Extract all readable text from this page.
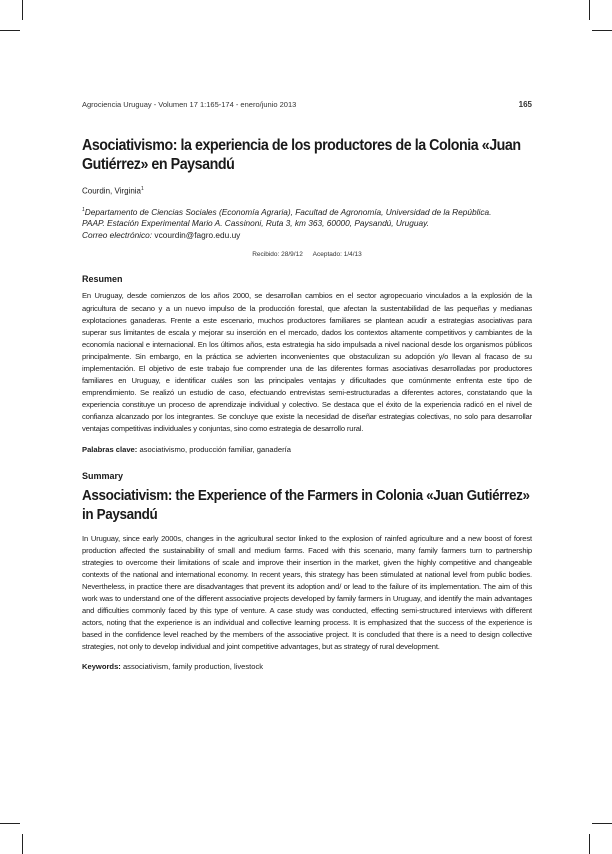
Agrociencia Uruguay - Volumen 17 1:165-174 - enero/junio 2013	165
Asociativismo: la experiencia de los productores de la Colonia «Juan Gutiérrez» en Paysandú
Courdin, Virginia$^1$
$^1$Departamento de Ciencias Sociales (Economía Agraria), Facultad de Agronomía, Universidad de la República.
PAAP. Estación Experimental Mario A. Cassinoni, Ruta 3, km 363, 60000, Paysandú, Uruguay.
Correo electrónico: vcourdin@fagro.edu.uy
Recibido: 28/9/12 Aceptado: 1/4/13
Resumen

En Uruguay, desde comienzos de los años 2000, se desarrollan cambios en el sector agropecuario vinculados a la explosión de la agricultura de secano y a un nuevo impulso de la producción forestal, que afectan la sustentabilidad de las pequeñas y medianas explotaciones ganaderas. Frente a este escenario, muchos productores familiares se plantean acudir a estrategias asociativas para superar sus limitantes de escala y mejorar su inserción en el mercado, dados los contextos altamente competitivos y cambiantes de la economía nacional e internacional. En los últimos años, esta estrategia ha sido impulsada a nivel nacional desde los organismos públicos principalmente. Sin embargo, en la práctica se advierten inconvenientes que obstaculizan su adopción y/o llevan al fracaso de su implementación. El objetivo de este trabajo fue comprender una de las diferentes formas asociativas desarrolladas por productores familiares en Uruguay, e identificar cuáles son las principales ventajas y dificultades que comúnmente enfrenta este tipo de emprendimiento. Se realizó un estudio de caso, efectuando entrevistas semi-estructuradas a diferentes actores, constatando que la experiencia constituye un proceso de aprendizaje individual y colectivo. Se destaca que el éxito de la experiencia radicó en el nivel de confianza alcanzado por los integrantes. Se concluye que existe la necesidad de diseñar estrategias colectivas, no solo para desarrollar ventajas competitivas individuales y conjuntas, sino como estrategia de desarrollo rural.

Palabras clave: asociativismo, producción familiar, ganadería
Summary
Associativism: the Experience of the Farmers in Colonia «Juan Gutiérrez» in Paysandú

In Uruguay, since early 2000s, changes in the agricultural sector linked to the explosion of rainfed agriculture and a new boost of forest production affected the sustainability of small and medium farms. Faced with this scenario, many family farmers turn to partnership strategies to overcome their limitations of scale and improve their insertion in the market, given the highly competitive and changeable contexts of the national and international economy. In recent years, this strategy has been stimulated at national level from public bodies. Nevertheless, in practice there are disadvantages that prevent its adoption and/ or lead to the failure of its implementation. The aim of this work was to understand one of the different associative projects developed by family farmers in Uruguay, and identify the main advantages and difficulties commonly faced by this type of venture. A case study was conducted, effecting semi-structured interviews with different actors, noting that the experience is an individual and collective learning process. It is emphasized that the success of the experience is based in the confidence level reached by the members of the associative project. It is concluded that there is a need to design collective strategies, not only to develop individual and joint competitive advantages, but as strategy of rural development.

Keywords: associativism, family production, livestock
